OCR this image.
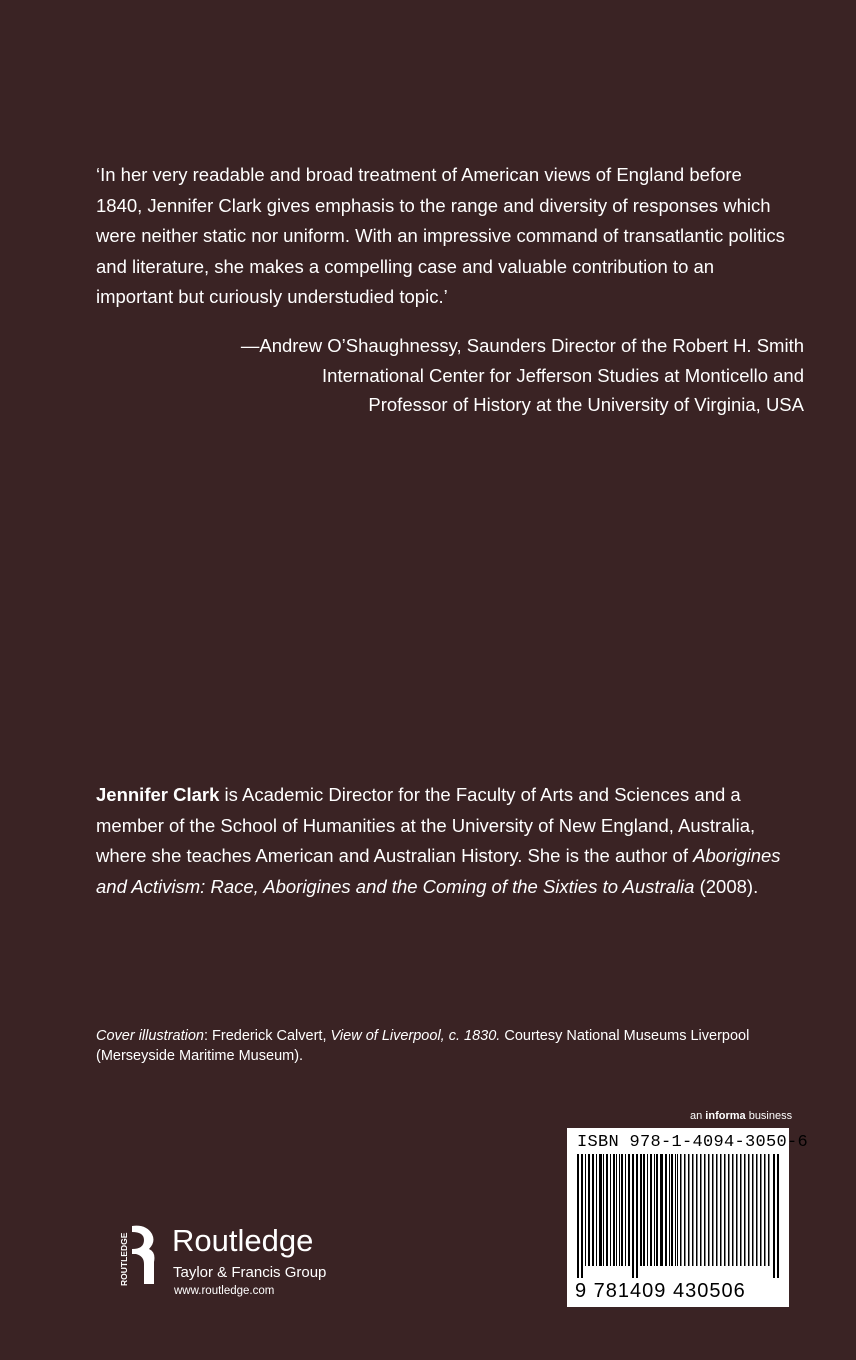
‘In her very readable and broad treatment of American views of England before 1840, Jennifer Clark gives emphasis to the range and diversity of responses which were neither static nor uniform. With an impressive command of transatlantic politics and literature, she makes a compelling case and valuable contribution to an important but curiously understudied topic.’

—Andrew O’Shaughnessy, Saunders Director of the Robert H. Smith
International Center for Jefferson Studies at Monticello and
Professor of History at the University of Virginia, USA

Jennifer Clark is Academic Director for the Faculty of Arts and Sciences and a member of the School of Humanities at the University of New England, Australia, where she teaches American and Australian History. She is the author of Aborigines and Activism: Race, Aborigines and the Coming of the Sixties to Australia (2008).

Cover illustration: Frederick Calvert, View of Liverpool, c. 1830. Courtesy National Museums Liverpool (Merseyside Maritime Museum).

an informa business
ISBN 978-1-4094-3050-6
9 781409 430506
ROUTLEDGE Routledge
Taylor & Francis Group
www.routledge.com
